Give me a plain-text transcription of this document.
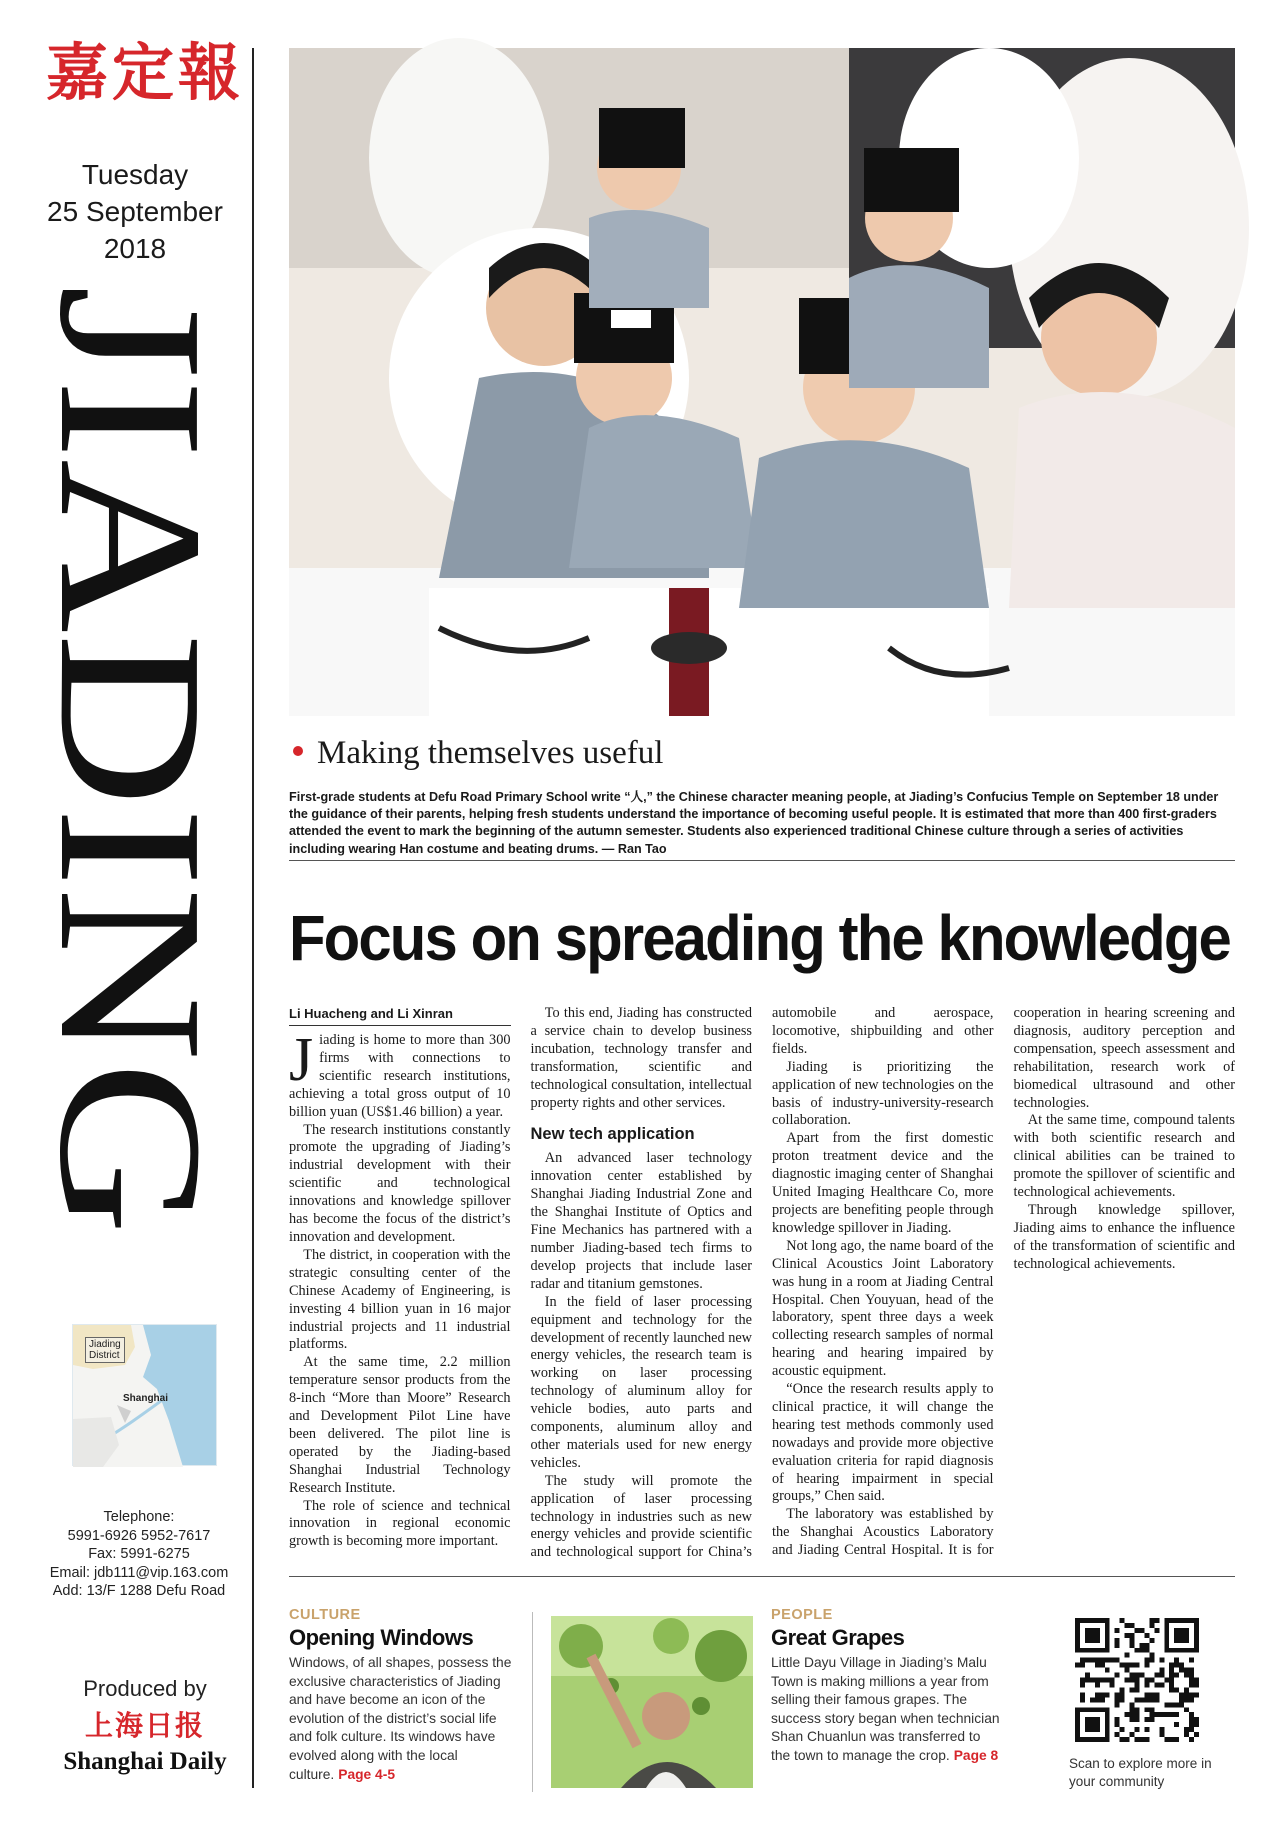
嘉定報
Tuesday
25 September
2018
JIADING
Jiading
District
Shanghai
Telephone:
5991-6926 5952-7617
Fax: 5991-6275
Email: jdb111@vip.163.com
Add: 13/F 1288 Defu Road
Produced by
上海日报
Shanghai Daily
Making themselves useful
First-grade students at Defu Road Primary School write “人,” the Chinese character meaning people, at Jiading’s Confucius Temple on September 18 under the guidance of their parents, helping fresh students understand the importance of becoming useful people. It is estimated that more than 400 first-graders attended the event to mark the beginning of the autumn semester. Students also experienced traditional Chinese culture through a series of activities including wearing Han costume and beating drums. — Ran Tao
Focus on spreading the knowledge
Li Huacheng and Li Xinran

Jiading is home to more than 300 firms with connections to scientific research institutions, achieving a total gross output of 10 billion yuan (US$1.46 billion) a year.

The research institutions constantly promote the upgrading of Jiading’s industrial development with their scientific and technological innovations and knowledge spillover has become the focus of the district’s innovation and development.

The district, in cooperation with the strategic consulting center of the Chinese Academy of Engineering, is investing 4 billion yuan in 16 major industrial projects and 11 industrial platforms.

At the same time, 2.2 million temperature sensor products from the 8-inch “More than Moore” Research and Development Pilot Line have been delivered. The pilot line is operated by the Jiading-based Shanghai Industrial Technology Research Institute.

The role of science and technical innovation in regional economic growth is becoming more important.

To this end, Jiading has constructed a service chain to develop business incubation, technology transfer and transformation, scientific and technological consultation, intellectual property rights and other services.

New tech application

An advanced laser technology innovation center established by Shanghai Jiading Industrial Zone and the Shanghai Institute of Optics and Fine Mechanics has partnered with a number Jiading-based tech firms to develop projects that include laser radar and titanium gemstones.

In the field of laser processing equipment and technology for the development of recently launched new energy vehicles, the research team is working on laser processing technology of aluminum alloy for vehicle bodies, auto parts and components, aluminum alloy and other materials used for new energy vehicles.

The study will promote the application of laser processing technology in industries such as new energy vehicles and provide scientific and technological support for China’s automobile and aerospace, locomotive, shipbuilding and other fields.

Jiading is prioritizing the application of new technologies on the basis of industry-university-research collaboration.

Apart from the first domestic proton treatment device and the diagnostic imaging center of Shanghai United Imaging Healthcare Co, more projects are benefiting people through knowledge spillover in Jiading.

Not long ago, the name board of the Clinical Acoustics Joint Laboratory was hung in a room at Jiading Central Hospital. Chen Youyuan, head of the laboratory, spent three days a week collecting research samples of normal hearing and hearing impaired by acoustic equipment.

“Once the research results apply to clinical practice, it will change the hearing test methods commonly used nowadays and provide more objective evaluation criteria for rapid diagnosis of hearing impairment in special groups,” Chen said.

The laboratory was established by the Shanghai Acoustics Laboratory and Jiading Central Hospital. It is for cooperation in hearing screening and diagnosis, auditory perception and compensation, speech assessment and rehabilitation, research work of biomedical ultrasound and other technologies.

At the same time, compound talents with both scientific research and clinical abilities can be trained to promote the spillover of scientific and technological achievements.

Through knowledge spillover, Jiading aims to enhance the influence of the transformation of scientific and technological achievements.

CULTURE
Opening Windows
Windows, of all shapes, possess the exclusive characteristics of Jiading and have become an icon of the evolution of the district’s social life and folk culture. Its windows have evolved along with the local culture. Page 4-5
PEOPLE
Great Grapes
Little Dayu Village in Jiading’s Malu Town is making millions a year from selling their famous grapes. The success story began when technician Shan Chuanlun was transferred to the town to manage the crop. Page 8
Scan to explore more in your community
